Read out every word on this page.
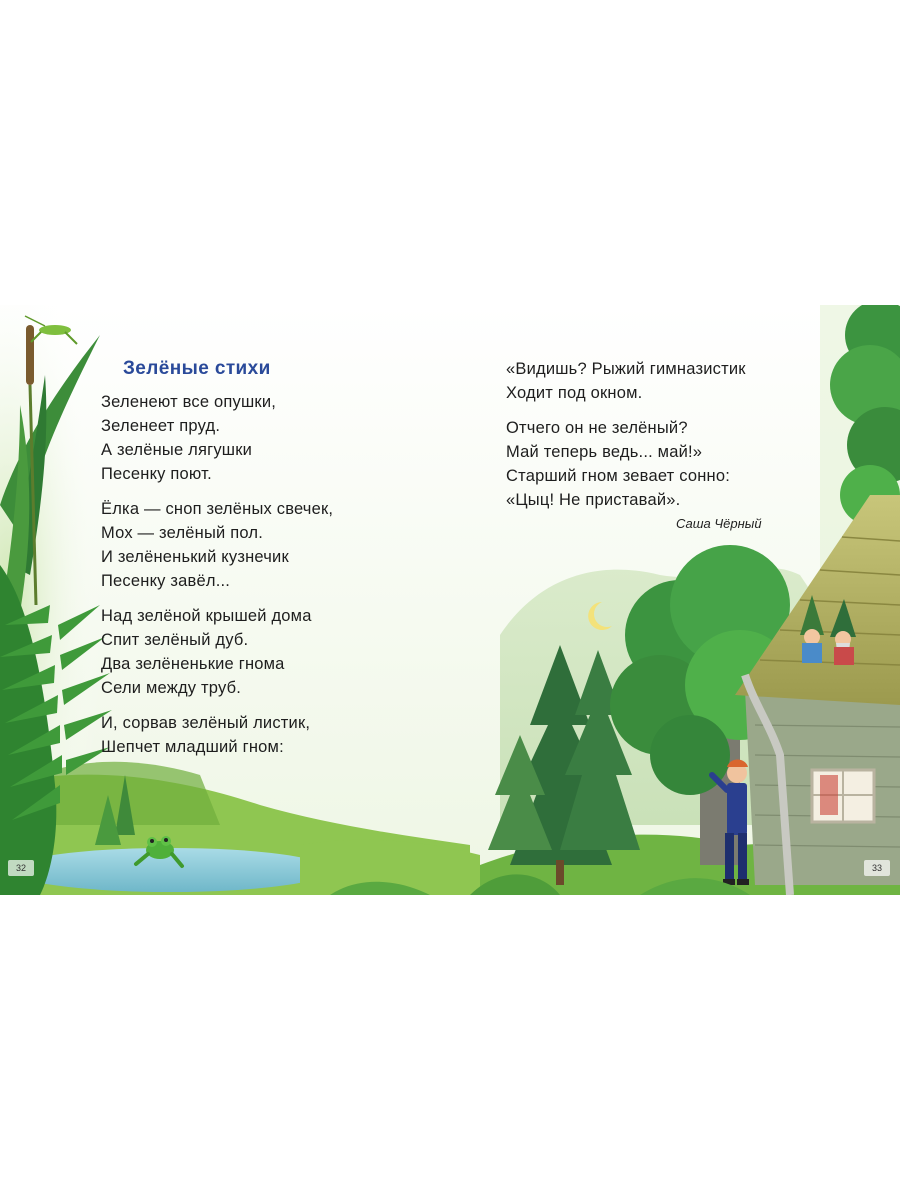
Зелёные стихи
Зеленеют все опушки,
Зеленеет пруд.
А зелёные лягушки
Песенку поют.
Ёлка — сноп зелёных свечек,
Мох — зелёный пол.
И зелёненький кузнечик
Песенку завёл...
Над зелёной крышей дома
Спит зелёный дуб.
Два зелёненькие гнома
Сели между труб.
И, сорвав зелёный листик,
Шепчет младший гном:
«Видишь? Рыжий гимназистик
Ходит под окном.
Отчего он не зелёный?
Май теперь ведь... май!»
Старший гном зевает сонно:
«Цыц! Не приставай».
Саша Чёрный
32	33
